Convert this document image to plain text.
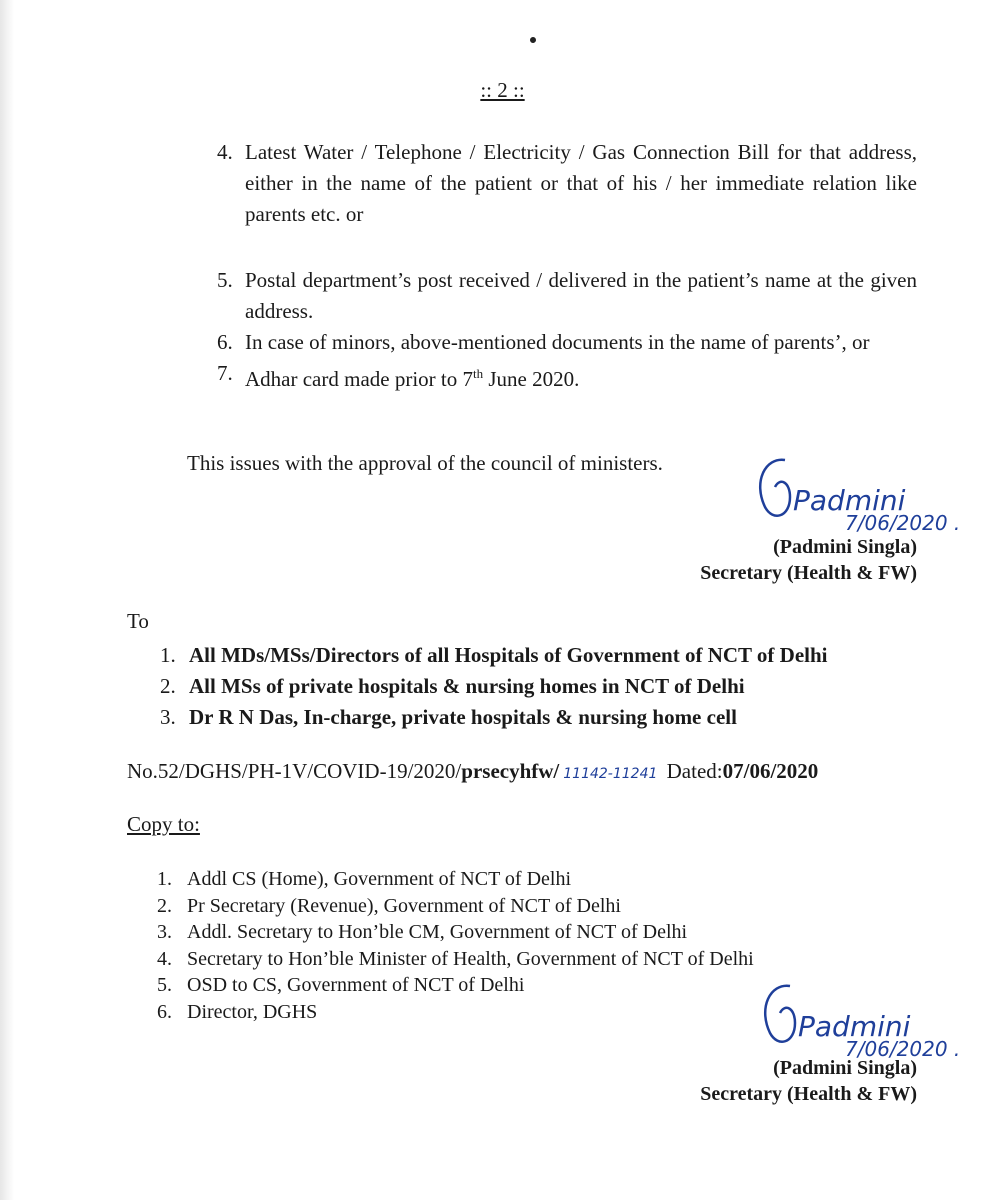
:: 2 ::
4. Latest Water / Telephone / Electricity / Gas Connection Bill for that address, either in the name of the patient or that of his / her immediate relation like parents etc. or
5. Postal department’s post received / delivered in the patient’s name at the given address.
6. In case of minors, above-mentioned documents in the name of parents’, or
7. Adhar card made prior to 7th June 2020.
This issues with the approval of the council of ministers.
Padmini
7/06/2020 .
(Padmini Singla)
Secretary (Health & FW)
To
1. All MDs/MSs/Directors of all Hospitals of Government of NCT of Delhi
2. All MSs of private hospitals & nursing homes in NCT of Delhi
3. Dr R N Das, In-charge, private hospitals & nursing home cell
No.52/DGHS/PH-1V/COVID-19/2020/prsecyhfw/ 11142-11241 Dated:07/06/2020
Copy to:
1. Addl CS (Home), Government of NCT of Delhi
2. Pr Secretary (Revenue), Government of NCT of Delhi
3. Addl. Secretary to Hon’ble CM, Government of NCT of Delhi
4. Secretary to Hon’ble Minister of Health, Government of NCT of Delhi
5. OSD to CS, Government of NCT of Delhi
6. Director, DGHS	Padmini
7/06/2020 .
(Padmini Singla)
Secretary (Health & FW)
